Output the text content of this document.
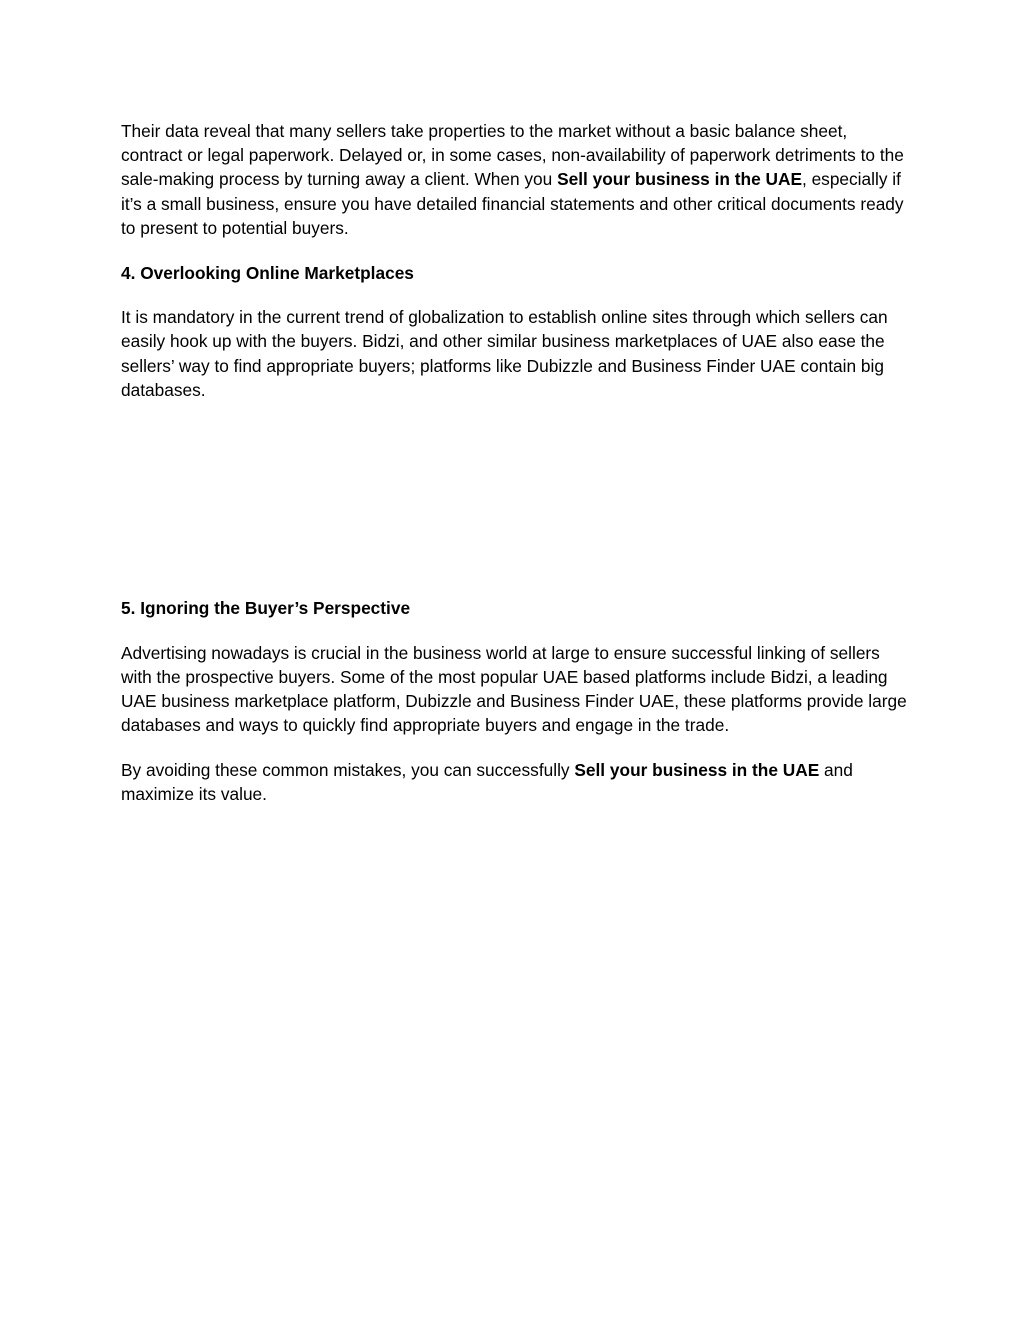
Their data reveal that many sellers take properties to the market without a basic balance sheet, contract or legal paperwork. Delayed or, in some cases, non-availability of paperwork detriments to the sale-making process by turning away a client. When you Sell your business in the UAE, especially if it’s a small business, ensure you have detailed financial statements and other critical documents ready to present to potential buyers.

4. Overlooking Online Marketplaces

It is mandatory in the current trend of globalization to establish online sites through which sellers can easily hook up with the buyers. Bidzi, and other similar business marketplaces of UAE also ease the sellers’ way to find appropriate buyers; platforms like Dubizzle and Business Finder UAE contain big databases.

5. Ignoring the Buyer’s Perspective

Advertising nowadays is crucial in the business world at large to ensure successful linking of sellers with the prospective buyers. Some of the most popular UAE based platforms include Bidzi, a leading UAE business marketplace platform, Dubizzle and Business Finder UAE, these platforms provide large databases and ways to quickly find appropriate buyers and engage in the trade.

By avoiding these common mistakes, you can successfully Sell your business in the UAE and maximize its value.
